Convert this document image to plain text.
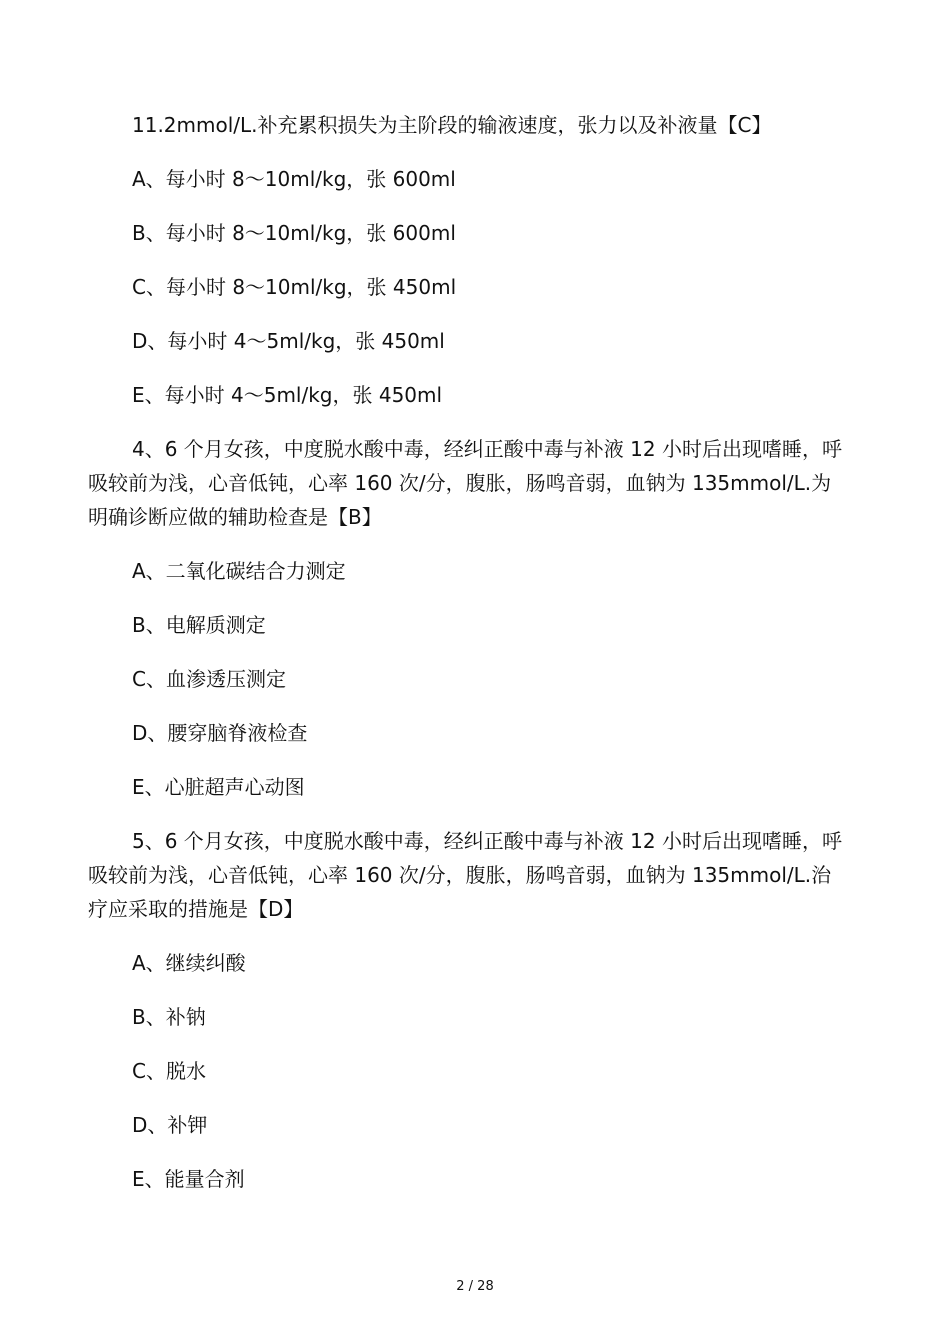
11.2mmol/L.补充累积损失为主阶段的输液速度，张力以及补液量【C】
A、每小时 8～10ml/kg，张 600ml
B、每小时 8～10ml/kg，张 600ml
C、每小时 8～10ml/kg，张 450ml
D、每小时 4～5ml/kg，张 450ml
E、每小时 4～5ml/kg，张 450ml
4、6 个月女孩，中度脱水酸中毒，经纠正酸中毒与补液 12 小时后出现嗜睡，呼吸较前为浅，心音低钝，心率 160 次/分，腹胀，肠鸣音弱，血钠为 135mmol/L.为明确诊断应做的辅助检查是【B】
A、二氧化碳结合力测定
B、电解质测定
C、血渗透压测定
D、腰穿脑脊液检查
E、心脏超声心动图
5、6 个月女孩，中度脱水酸中毒，经纠正酸中毒与补液 12 小时后出现嗜睡，呼吸较前为浅，心音低钝，心率 160 次/分，腹胀，肠鸣音弱，血钠为 135mmol/L.治疗应采取的措施是【D】
A、继续纠酸
B、补钠
C、脱水
D、补钾
E、能量合剂
2 / 28
